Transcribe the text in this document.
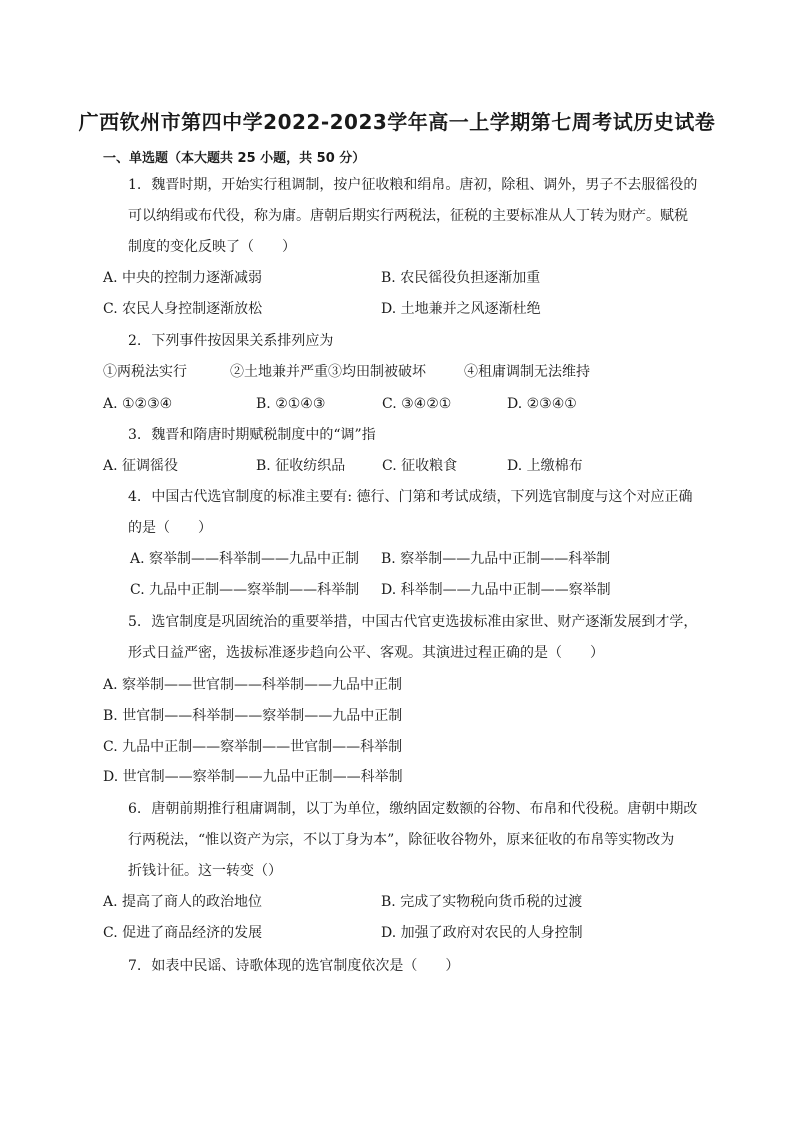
广西钦州市第四中学2022-2023学年高一上学期第七周考试历史试卷
一、单选题（本大题共 25 小题，共 50 分）
1. 魏晋时期，开始实行租调制，按户征收粮和绢帛。唐初，除租、调外，男子不去服徭役的
可以纳绢或布代役，称为庸。唐朝后期实行两税法，征税的主要标准从人丁转为财产。赋税
制度的变化反映了（　　）
A. 中央的控制力逐渐减弱	B. 农民徭役负担逐渐加重
C. 农民人身控制逐渐放松	D. 土地兼并之风逐渐杜绝
2. 下列事件按因果关系排列应为
①两税法实行	②土地兼并严重③均田制被破坏	④租庸调制无法维持
A. ①②③④	B. ②①④③	C. ③④②①	D. ②③④①
3. 魏晋和隋唐时期赋税制度中的“调”指
A. 征调徭役	B. 征收纺织品	C. 征收粮食	D. 上缴棉布
4. 中国古代选官制度的标准主要有: 德行、门第和考试成绩，下列选官制度与这个对应正确
的是（　　）
A. 察举制——科举制——九品中正制 B. 察举制——九品中正制——科举制
C. 九品中正制——察举制——科举制 D. 科举制——九品中正制——察举制
5. 选官制度是巩固统治的重要举措，中国古代官吏选拔标准由家世、财产逐渐发展到才学，
形式日益严密，选拔标准逐步趋向公平、客观。其演进过程正确的是（　　）
A. 察举制——世官制——科举制——九品中正制
B. 世官制——科举制——察举制——九品中正制
C. 九品中正制——察举制——世官制——科举制
D. 世官制——察举制——九品中正制——科举制
6. 唐朝前期推行租庸调制，以丁为单位，缴纳固定数额的谷物、布帛和代役税。唐朝中期改
行两税法，“惟以资产为宗，不以丁身为本”，除征收谷物外，原来征收的布帛等实物改为
折钱计征。这一转变（）
A. 提高了商人的政治地位	B. 完成了实物税向货币税的过渡
C. 促进了商品经济的发展	D. 加强了政府对农民的人身控制
7. 如表中民谣、诗歌体现的选官制度依次是（　　）
